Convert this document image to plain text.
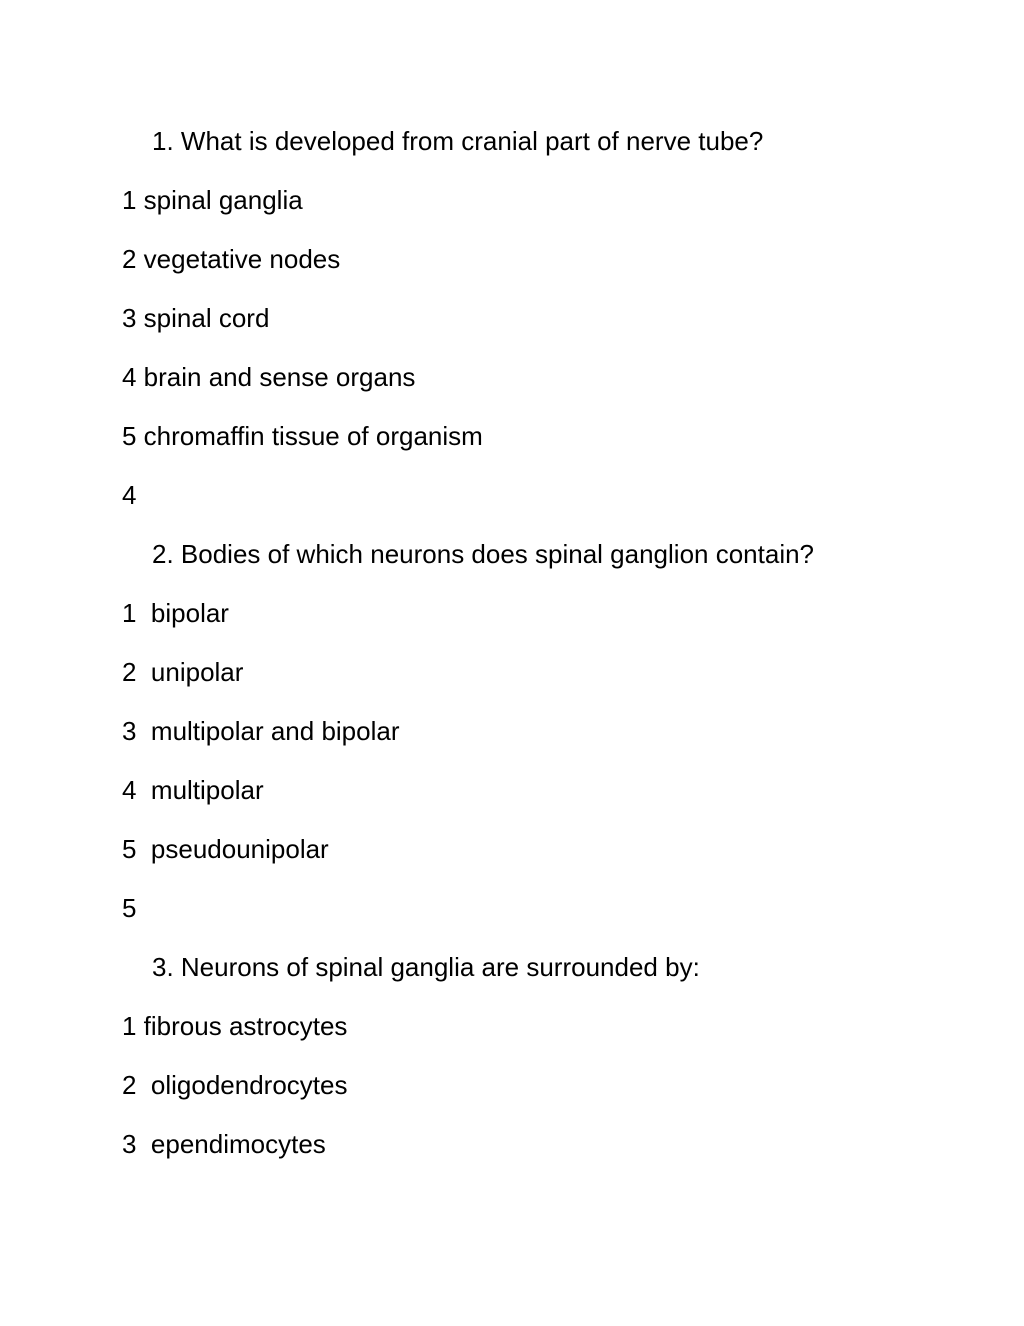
1. What is developed from cranial part of nerve tube?
1 spinal ganglia
2 vegetative nodes
3 spinal cord
4 brain and sense organs
5 chromaffin tissue of organism
4
2. Bodies of which neurons does spinal ganglion contain?
1  bipolar
2  unipolar
3  multipolar and bipolar
4  multipolar
5  pseudounipolar
5
3. Neurons of spinal ganglia are surrounded by:
1 fibrous astrocytes
2  oligodendrocytes
3  ependimocytes
